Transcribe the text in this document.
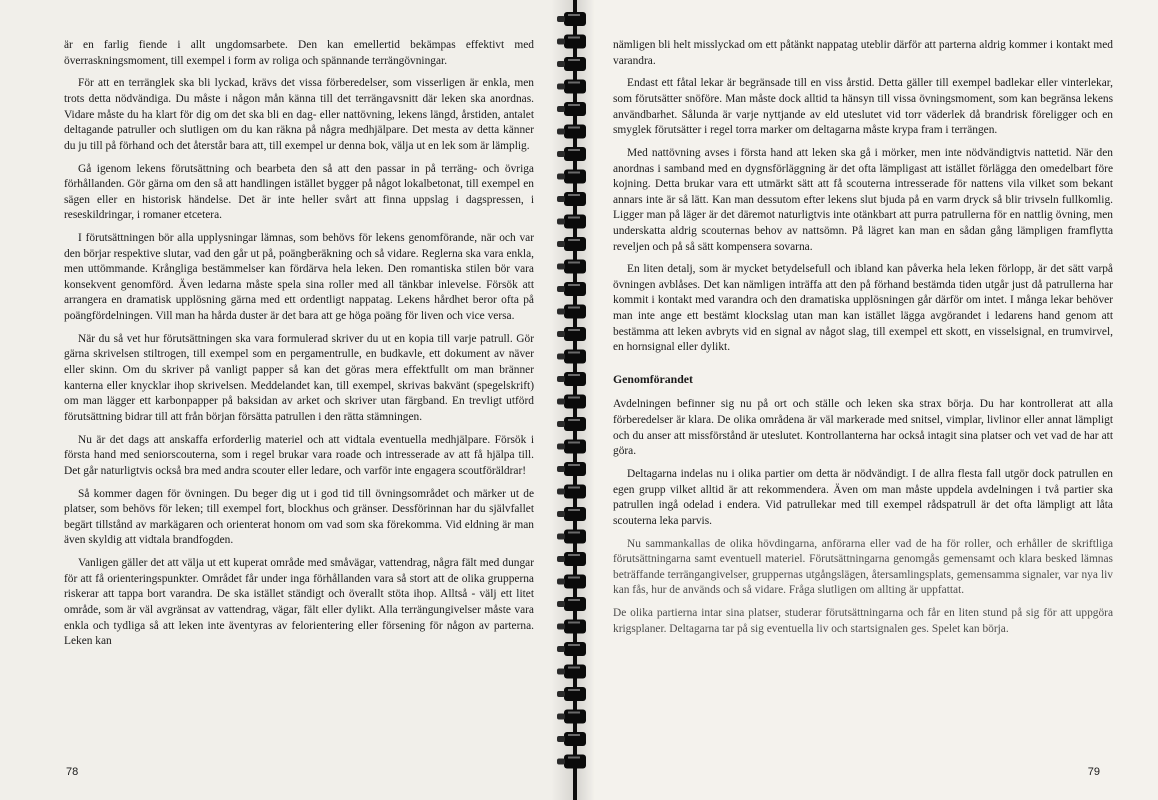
är en farlig fiende i allt ungdomsarbete. Den kan emellertid bekämpas effektivt med överraskningsmoment, till exempel i form av roliga och spännande terrängövningar.

För att en terränglek ska bli lyckad, krävs det vissa förberedelser, som visserligen är enkla, men trots detta nödvändiga. Du måste i någon mån känna till det terrängavsnitt där leken ska anordnas. Vidare måste du ha klart för dig om det ska bli en dag- eller nattövning, lekens längd, årstiden, antalet deltagande patruller och slutligen om du kan räkna på några medhjälpare. Det mesta av detta känner du ju till på förhand och det återstår bara att, till exempel ur denna bok, välja ut en lek som är lämplig.

Gå igenom lekens förutsättning och bearbeta den så att den passar in på terräng- och övriga förhållanden. Gör gärna om den så att handlingen istället bygger på något lokalbetonat, till exempel en sägen eller en historisk händelse. Det är inte heller svårt att finna uppslag i dagspressen, i reseskildringar, i romaner etcetera.

I förutsättningen bör alla upplysningar lämnas, som behövs för lekens genomförande, när och var den börjar respektive slutar, vad den går ut på, poängberäkning och så vidare. Reglerna ska vara enkla, men uttömmande. Krångliga bestämmelser kan fördärva hela leken. Den romantiska stilen bör vara konsekvent genomförd. Även ledarna måste spela sina roller med all tänkbar inlevelse. Försök att arrangera en dramatisk upplösning gärna med ett ordentligt nappatag. Lekens hårdhet beror ofta på poängfördelningen. Vill man ha hårda duster är det bara att ge höga poäng för liven och vice versa.

När du så vet hur förutsättningen ska vara formulerad skriver du ut en kopia till varje patrull. Gör gärna skrivelsen stiltrogen, till exempel som en pergamentrulle, en budkavle, ett dokument av näver eller skinn. Om du skriver på vanligt papper så kan det göras mera effektfullt om man bränner kanterna eller knycklar ihop skrivelsen. Meddelandet kan, till exempel, skrivas bakvänt (spegelskrift) om man lägger ett karbonpapper på baksidan av arket och skriver utan färgband. En trevligt utförd förutsättning bidrar till att från början försätta patrullen i den rätta stämningen.

Nu är det dags att anskaffa erforderlig materiel och att vidtala eventuella medhjälpare. Försök i första hand med seniorscouterna, som i regel brukar vara roade och intresserade av att få hjälpa till. Det går naturligtvis också bra med andra scouter eller ledare, och varför inte engagera scoutföräldrar!

Så kommer dagen för övningen. Du beger dig ut i god tid till övningsområdet och märker ut de platser, som behövs för leken; till exempel fort, blockhus och gränser. Dessförinnan har du självfallet begärt tillstånd av markägaren och orienterat honom om vad som ska förekomma. Vid eldning är man även skyldig att vidtala brandfogden.

Vanligen gäller det att välja ut ett kuperat område med småvägar, vattendrag, några fält med dungar för att få orienteringspunkter. Området får under inga förhållanden vara så stort att de olika grupperna riskerar att tappa bort varandra. De ska istället ständigt och överallt stöta ihop. Alltså - välj ett litet område, som är väl avgränsat av vattendrag, vägar, fält eller dylikt. Alla terrängungivelser måste vara enkla och tydliga så att leken inte äventyras av felorientering eller försening för någon av parterna. Leken kan

78

nämligen bli helt misslyckad om ett påtänkt nappatag uteblir därför att parterna aldrig kommer i kontakt med varandra.

Endast ett fåtal lekar är begränsade till en viss årstid. Detta gäller till exempel badlekar eller vinterlekar, som förutsätter snöföre. Man måste dock alltid ta hänsyn till vissa övningsmoment, som kan begränsa lekens användbarhet. Sålunda är varje nyttjande av eld uteslutet vid torr väderlek då brandrisk föreligger och en smyglek förutsätter i regel torra marker om deltagarna måste krypa fram i terrängen.

Med nattövning avses i första hand att leken ska gå i mörker, men inte nödvändigtvis nattetid. När den anordnas i samband med en dygnsförläggning är det ofta lämpligast att istället förlägga den omedelbart före kojning. Detta brukar vara ett utmärkt sätt att få scouterna intresserade för nattens vila vilket som bekant annars inte är så lätt. Kan man dessutom efter lekens slut bjuda på en varm dryck så blir trivseln fullkomlig. Ligger man på läger är det däremot naturligtvis inte otänkbart att purra patrullerna för en nattlig övning, men underskatta aldrig scouternas behov av nattsömn. På lägret kan man en sådan gång lämpligen framflytta reveljen och på så sätt kompensera sovarna.

En liten detalj, som är mycket betydelsefull och ibland kan påverka hela leken förlopp, är det sätt varpå övningen avblåses. Det kan nämligen inträffa att den på förhand bestämda tiden utgår just då patrullerna har kommit i kontakt med varandra och den dramatiska upplösningen går därför om intet. I många lekar behöver man inte ange ett bestämt klockslag utan man kan istället lägga avgörandet i ledarens hand genom att bestämma att leken avbryts vid en signal av något slag, till exempel ett skott, en visselsignal, en trumvirvel, en hornsignal eller dylikt.

Genomförandet

Avdelningen befinner sig nu på ort och ställe och leken ska strax börja. Du har kontrollerat att alla förberedelser är klara. De olika områdena är väl markerade med snitsel, vimplar, livlinor eller annat lämpligt och du anser att missförstånd är uteslutet. Kontrollanterna har också intagit sina platser och vet vad de har att göra.

Deltagarna indelas nu i olika partier om detta är nödvändigt. I de allra flesta fall utgör dock patrullen en egen grupp vilket alltid är att rekommendera. Även om man måste uppdela avdelningen i två partier ska patrullen ingå odelad i endera. Vid patrullekar med till exempel rådspatrull är det ofta lämpligt att låta scouterna leka parvis.

Nu sammankallas de olika hövdingarna, anförarna eller vad de ha för roller, och erhåller de skriftliga förutsättningarna samt eventuell materiel. Förutsättningarna genomgås gemensamt och klara besked lämnas beträffande terrängangivelser, gruppernas utgångslägen, återsamlingsplats, gemensamma signaler, var nya liv kan fås, hur de används och så vidare. Fråga slutligen om allting är uppfattat.

De olika partierna intar sina platser, studerar förutsättningarna och får en liten stund på sig för att uppgöra krigsplaner. Deltagarna tar på sig eventuella liv och startsignalen ges. Spelet kan börja.

79
